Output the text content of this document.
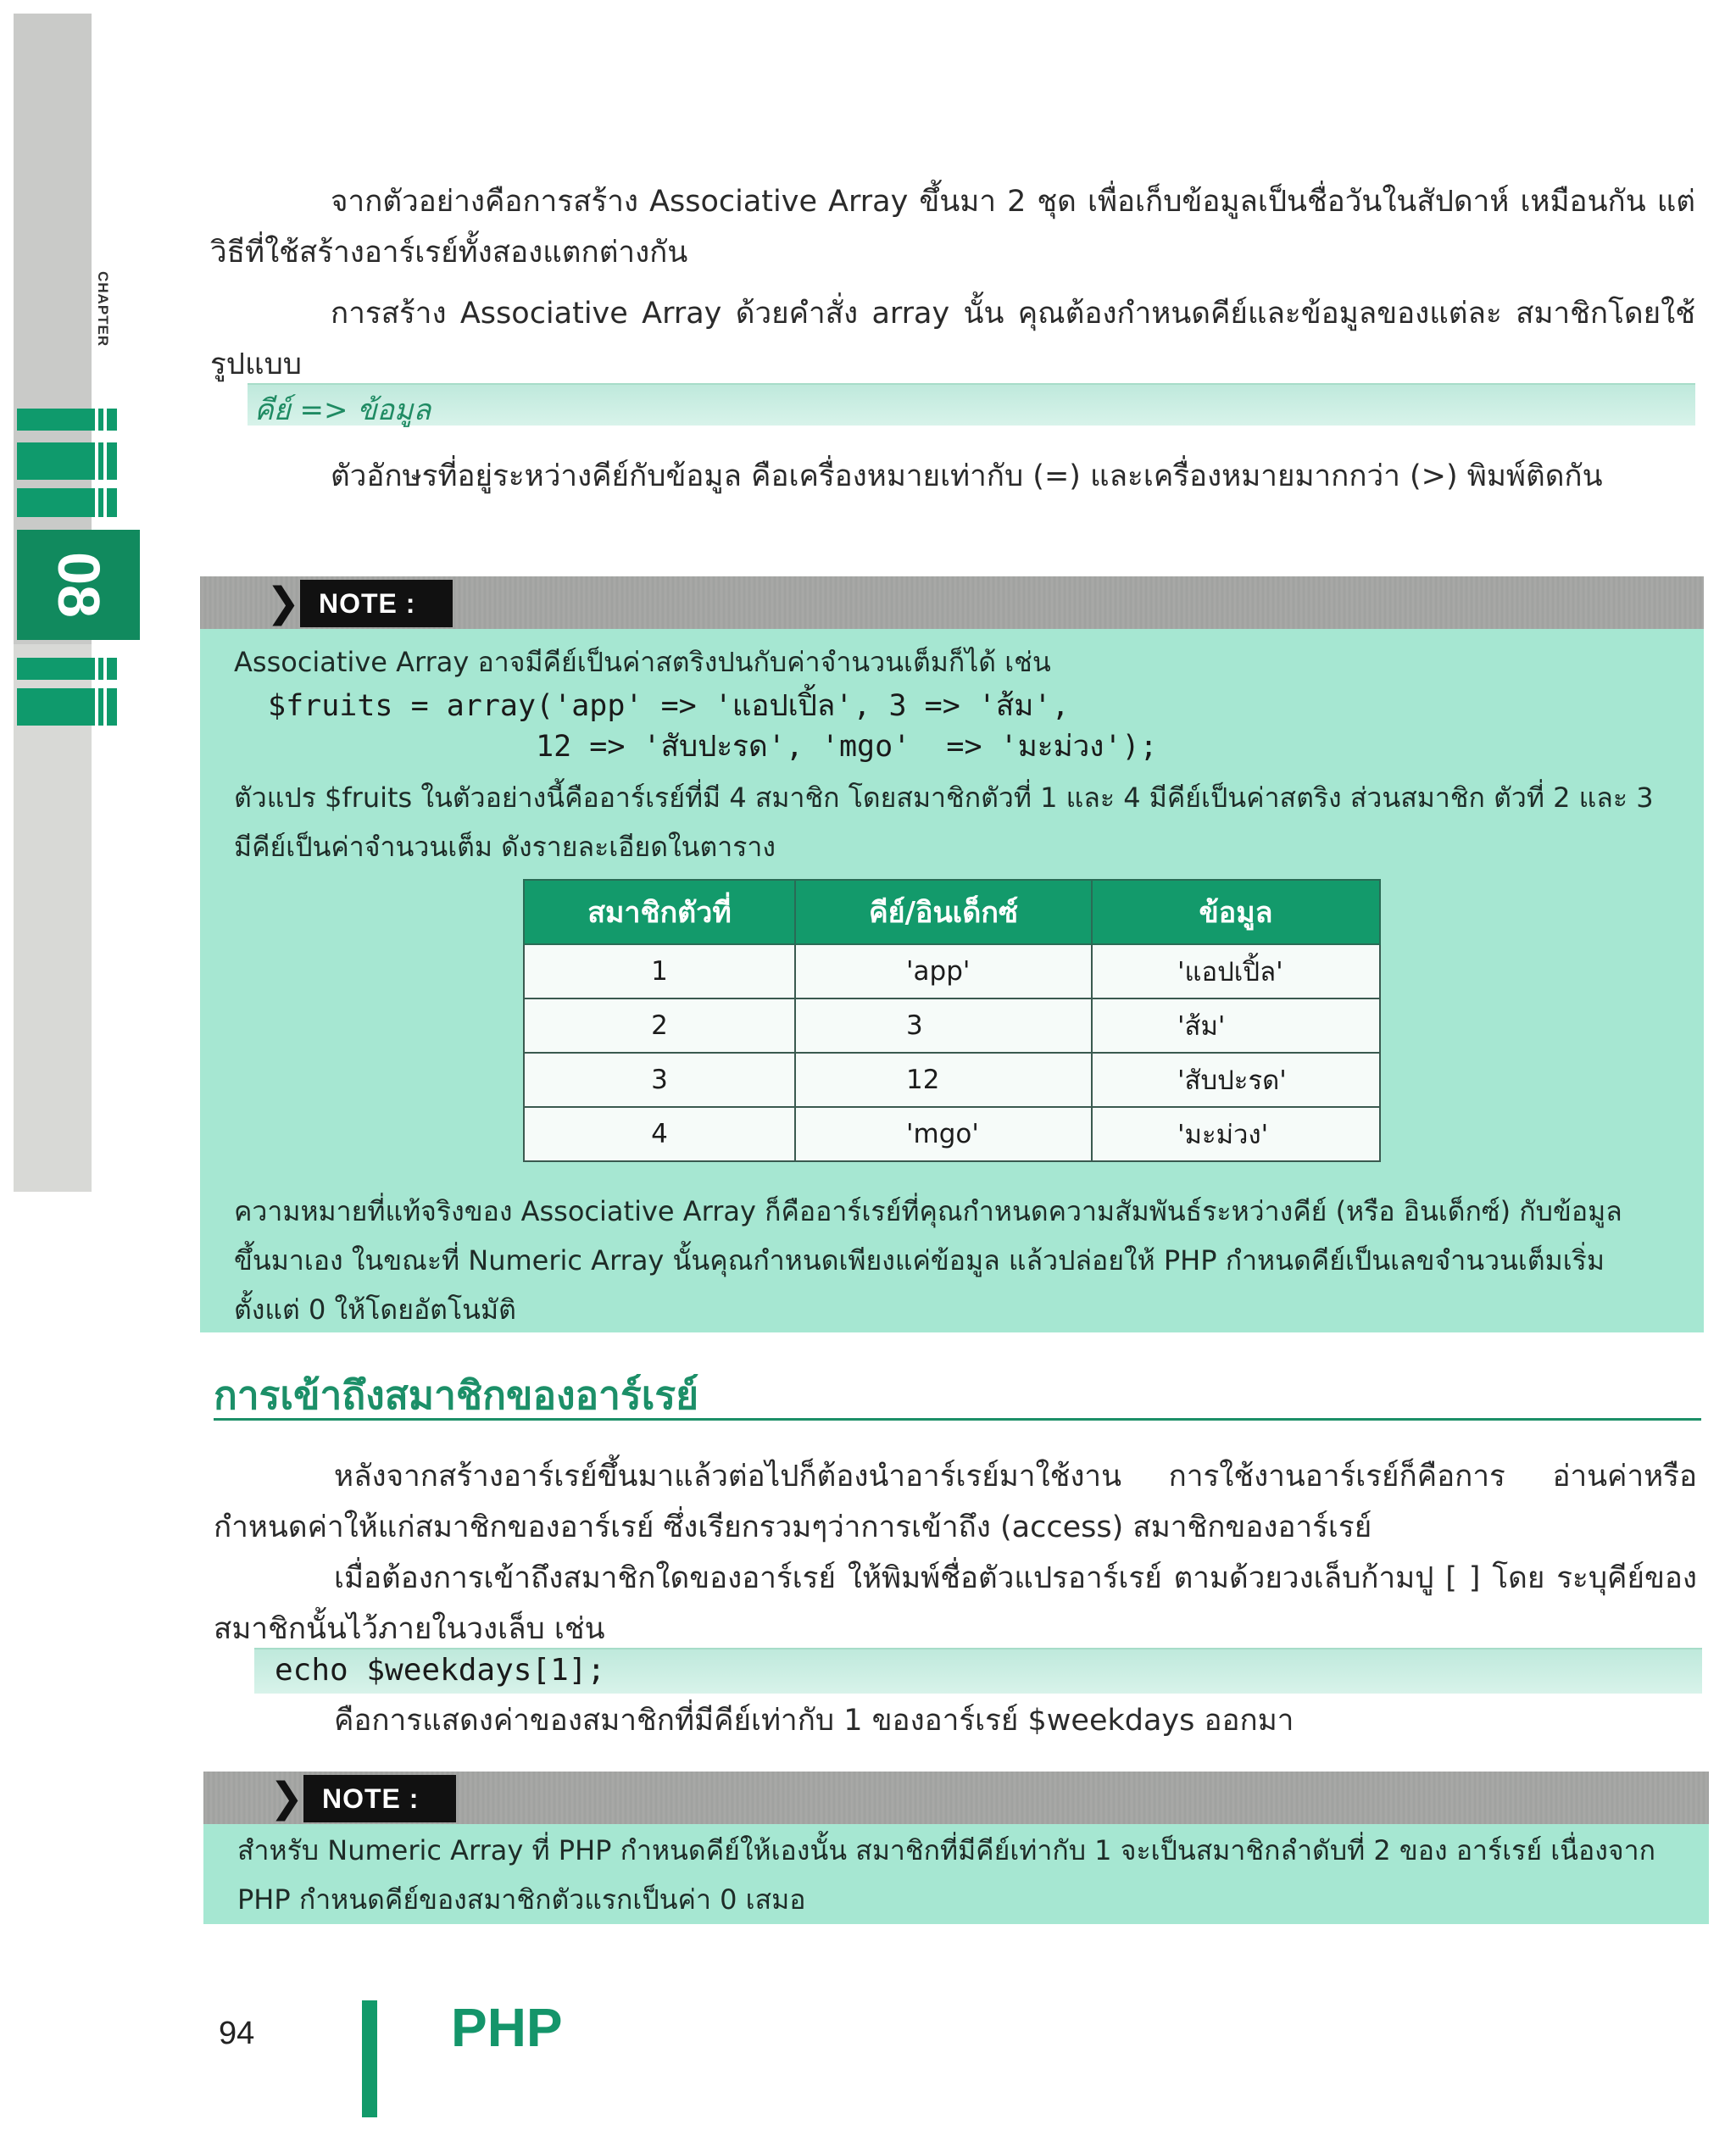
CHAPTER
08
จากตัวอย่างคือการสร้าง Associative Array ขึ้นมา 2 ชุด เพื่อเก็บข้อมูลเป็นชื่อวันในสัปดาห์ เหมือนกัน แต่วิธีที่ใช้สร้างอาร์เรย์ทั้งสองแตกต่างกัน
การสร้าง Associative Array ด้วยคำสั่ง array นั้น คุณต้องกำหนดคีย์และข้อมูลของแต่ละ สมาชิกโดยใช้รูปแบบ
คีย์ => ข้อมูล
ตัวอักษรที่อยู่ระหว่างคีย์กับข้อมูล คือเครื่องหมายเท่ากับ (=) และเครื่องหมายมากกว่า (>) พิมพ์ติดกัน
❯ NOTE :
Associative Array อาจมีคีย์เป็นค่าสตริงปนกับค่าจำนวนเต็มก็ได้ เช่น
$fruits = array('app' => 'แอปเปิ้ล', 3 => 'ส้ม',
12 => 'สับปะรด', 'mgo'  => 'มะม่วง');
ตัวแปร $fruits ในตัวอย่างนี้คืออาร์เรย์ที่มี 4 สมาชิก โดยสมาชิกตัวที่ 1 และ 4 มีคีย์เป็นค่าสตริง ส่วนสมาชิก ตัวที่ 2 และ 3 มีคีย์เป็นค่าจำนวนเต็ม ดังรายละเอียดในตาราง
ความหมายที่แท้จริงของ Associative Array ก็คืออาร์เรย์ที่คุณกำหนดความสัมพันธ์ระหว่างคีย์ (หรือ อินเด็กซ์) กับข้อมูลขึ้นมาเอง ในขณะที่ Numeric Array นั้นคุณกำหนดเพียงแค่ข้อมูล แล้วปล่อยให้ PHP กำหนดคีย์เป็นเลขจำนวนเต็มเริ่มตั้งแต่ 0 ให้โดยอัตโนมัติ
สมาชิกตัวที่	คีย์/อินเด็กซ์	ข้อมูล
1	'app'	'แอปเปิ้ล'
2	3	'ส้ม'
3	12	'สับปะรด'
4	'mgo'	'มะม่วง'
การเข้าถึงสมาชิกของอาร์เรย์
หลังจากสร้างอาร์เรย์ขึ้นมาแล้วต่อไปก็ต้องนำอาร์เรย์มาใช้งาน การใช้งานอาร์เรย์ก็คือการ อ่านค่าหรือกำหนดค่าให้แก่สมาชิกของอาร์เรย์ ซึ่งเรียกรวมๆว่าการเข้าถึง (access) สมาชิกของอาร์เรย์
เมื่อต้องการเข้าถึงสมาชิกใดของอาร์เรย์ ให้พิมพ์ชื่อตัวแปรอาร์เรย์ ตามด้วยวงเล็บก้ามปู [ ] โดย ระบุคีย์ของสมาชิกนั้นไว้ภายในวงเล็บ เช่น
echo $weekdays[1];
คือการแสดงค่าของสมาชิกที่มีคีย์เท่ากับ 1 ของอาร์เรย์ $weekdays ออกมา
❯ NOTE :
สำหรับ Numeric Array ที่ PHP กำหนดคีย์ให้เองนั้น สมาชิกที่มีคีย์เท่ากับ 1 จะเป็นสมาชิกลำดับที่ 2 ของ อาร์เรย์ เนื่องจาก PHP กำหนดคีย์ของสมาชิกตัวแรกเป็นค่า 0 เสมอ
94	PHP
